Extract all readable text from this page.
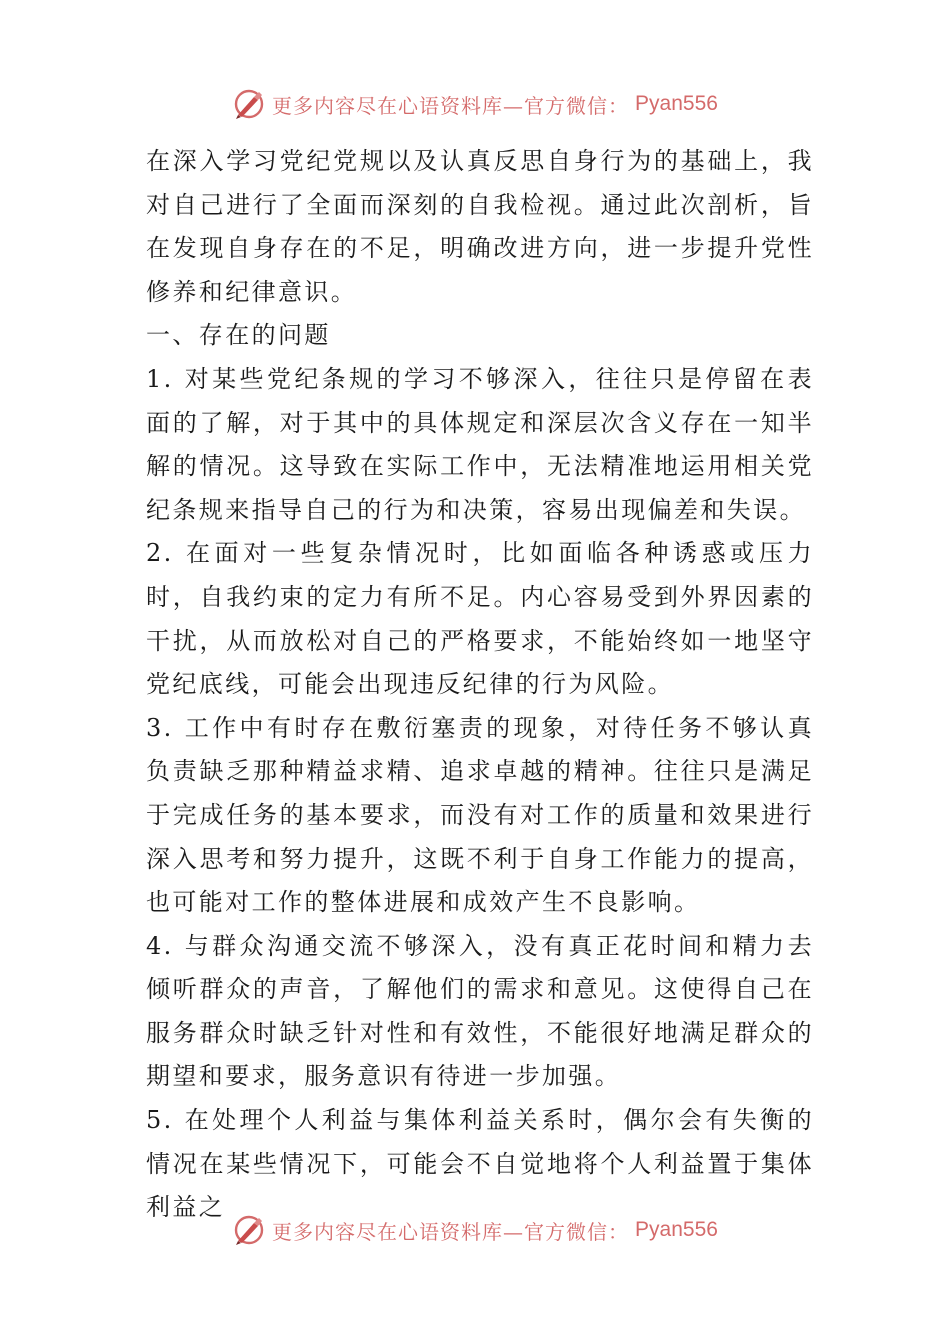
更多内容尽在心语资料库—官方微信： Pyan556

在深入学习党纪党规以及认真反思自身行为的基础上，我对自己进行了全面而深刻的自我检视。通过此次剖析，旨在发现自身存在的不足，明确改进方向，进一步提升党性修养和纪律意识。

一、存在的问题

1. 对某些党纪条规的学习不够深入，往往只是停留在表面的了解，对于其中的具体规定和深层次含义存在一知半解的情况。这导致在实际工作中，无法精准地运用相关党纪条规来指导自己的行为和决策，容易出现偏差和失误。

2. 在面对一些复杂情况时，比如面临各种诱惑或压力时，自我约束的定力有所不足。内心容易受到外界因素的干扰，从而放松对自己的严格要求，不能始终如一地坚守党纪底线，可能会出现违反纪律的行为风险。

3. 工作中有时存在敷衍塞责的现象，对待任务不够认真负责缺乏那种精益求精、追求卓越的精神。往往只是满足于完成任务的基本要求，而没有对工作的质量和效果进行深入思考和努力提升，这既不利于自身工作能力的提高，也可能对工作的整体进展和成效产生不良影响。

4. 与群众沟通交流不够深入，没有真正花时间和精力去倾听群众的声音，了解他们的需求和意见。这使得自己在服务群众时缺乏针对性和有效性，不能很好地满足群众的期望和要求，服务意识有待进一步加强。

5. 在处理个人利益与集体利益关系时，偶尔会有失衡的情况在某些情况下，可能会不自觉地将个人利益置于集体利益之

更多内容尽在心语资料库—官方微信： Pyan556
